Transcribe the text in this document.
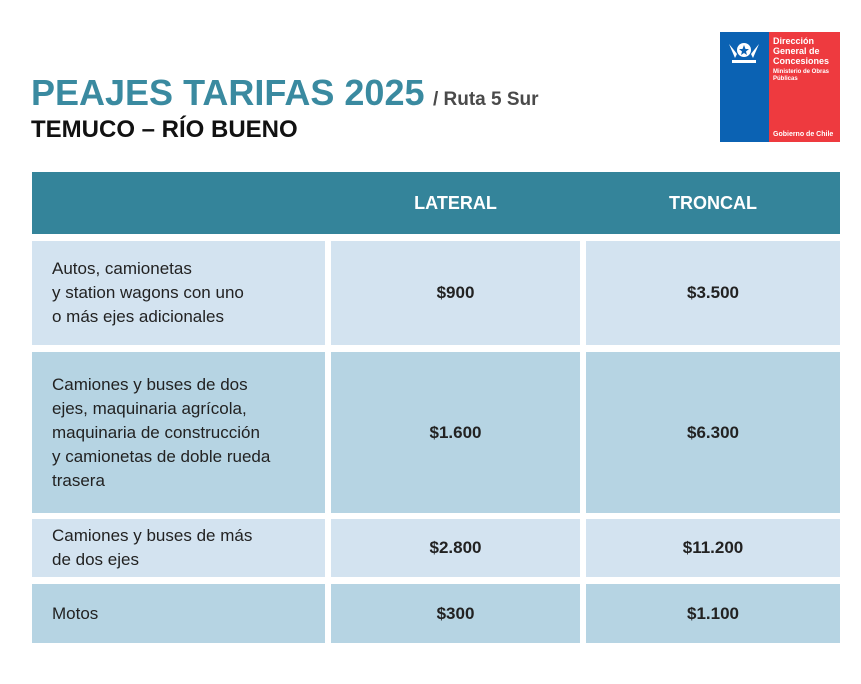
PEAJES TARIFAS 2025 / Ruta 5 Sur
TEMUCO – RÍO BUENO
Dirección General de Concesiones
Ministerio de Obras Públicas
Gobierno de Chile
LATERAL	TRONCAL
Autos, camionetas
y station wagons con uno
o más ejes adicionales
$900	$3.500
Camiones y buses de dos
ejes, maquinaria agrícola,
maquinaria de construcción
y camionetas de doble rueda
trasera
$1.600	$6.300
Camiones y buses de más
de dos ejes
$2.800	$11.200
Motos	$300	$1.100
